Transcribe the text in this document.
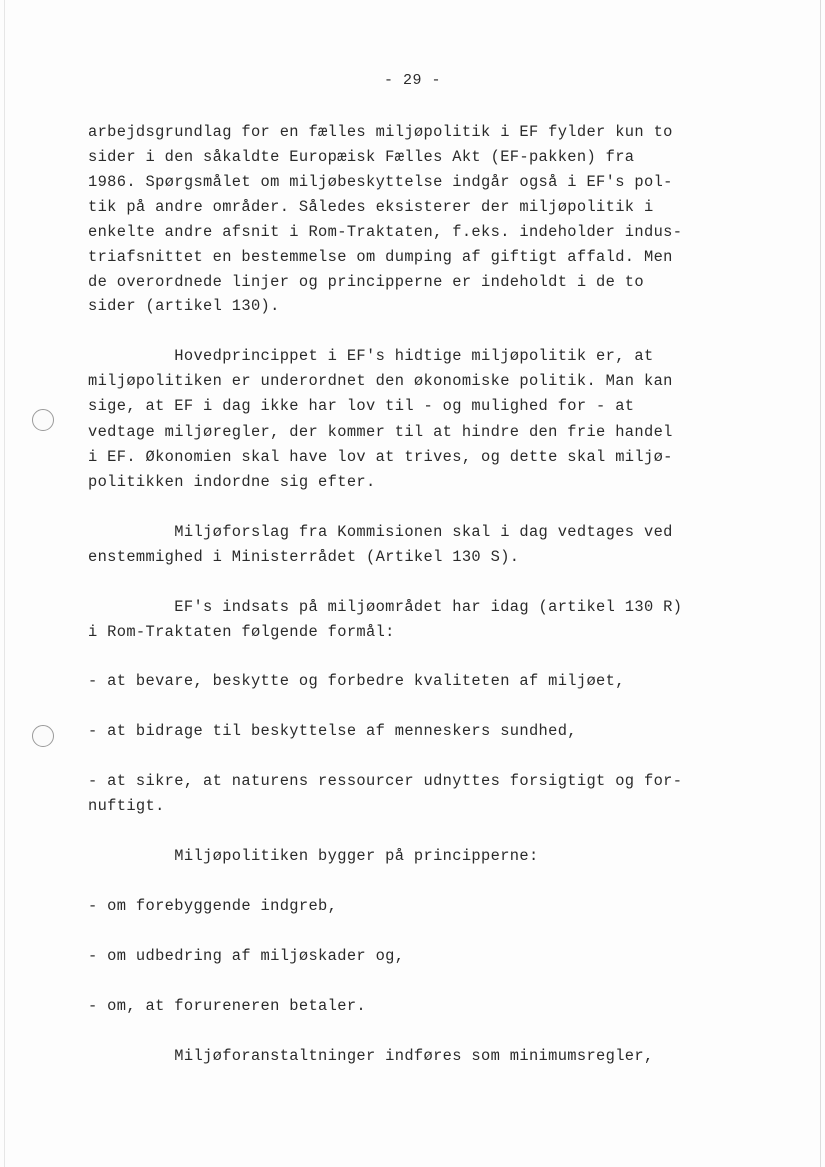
- 29 -
arbejdsgrundlag for en fælles miljøpolitik i EF fylder kun to
sider i den såkaldte Europæisk Fælles Akt (EF-pakken) fra
1986. Spørgsmålet om miljøbeskyttelse indgår også i EF's pol-
tik på andre områder. Således eksisterer der miljøpolitik i
enkelte andre afsnit i Rom-Traktaten, f.eks. indeholder indus-
triafsnittet en bestemmelse om dumping af giftigt affald. Men
de overordnede linjer og principperne er indeholdt i de to
sider (artikel 130).
Hovedprincippet i EF's hidtige miljøpolitik er, at
miljøpolitiken er underordnet den økonomiske politik. Man kan
sige, at EF i dag ikke har lov til - og mulighed for - at
vedtage miljøregler, der kommer til at hindre den frie handel
i EF. Økonomien skal have lov at trives, og dette skal miljø-
politikken indordne sig efter.
Miljøforslag fra Kommisionen skal i dag vedtages ved
enstemmighed i Ministerrådet (Artikel 130 S).
EF's indsats på miljøområdet har idag (artikel 130 R)
i Rom-Traktaten følgende formål:
- at bevare, beskytte og forbedre kvaliteten af miljøet,
- at bidrage til beskyttelse af menneskers sundhed,
- at sikre, at naturens ressourcer udnyttes forsigtigt og for-
nuftigt.
Miljøpolitiken bygger på principperne:
- om forebyggende indgreb,
- om udbedring af miljøskader og,
- om, at forureneren betaler.
Miljøforanstaltninger indføres som minimumsregler,
